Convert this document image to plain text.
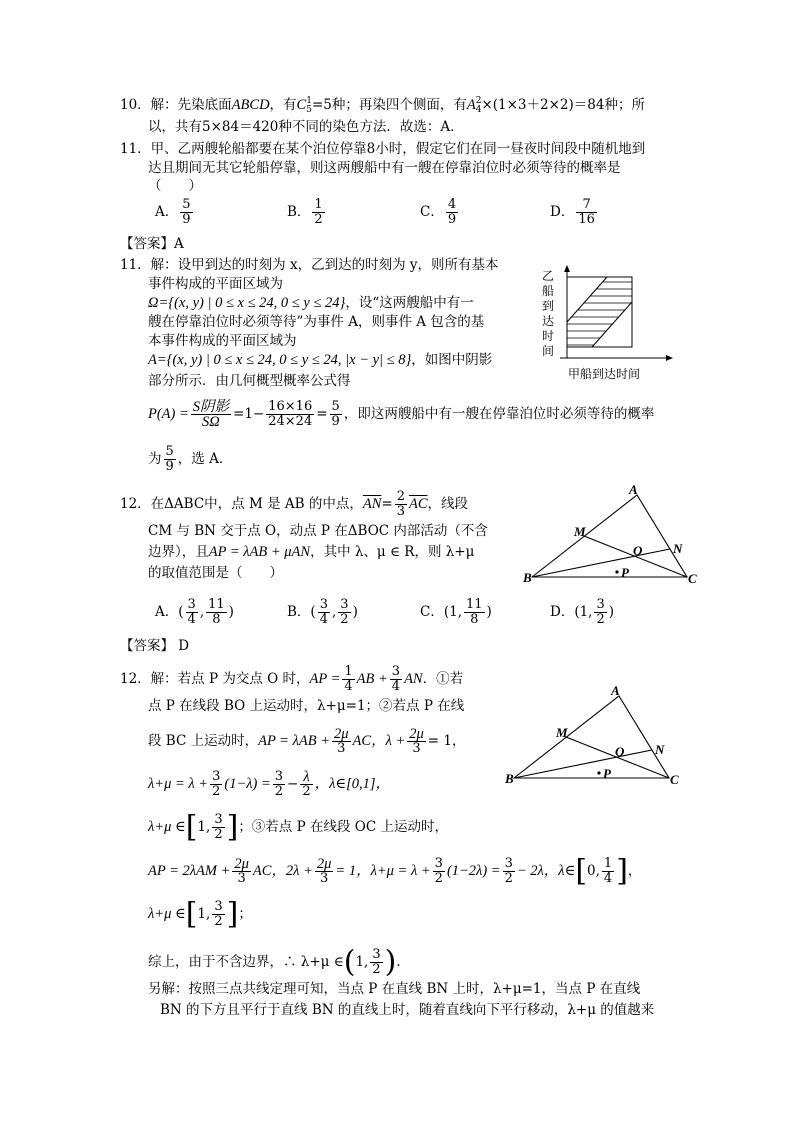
10．解：先染底面ABCD，有C 1
5 =5种；再染四个侧面，有A 2
4 ×(1×3＋2×2)＝84种；所
以，共有5×84＝420种不同的染色方法．故选：A．
11．甲、乙两艘轮船都要在某个泊位停靠8小时，假定它们在同一昼夜时间段中随机地到
达且期间无其它轮船停靠，则这两艘船中有一艘在停靠泊位时必须等待的概率是
（　　）
A． $\frac{5}{9}$	B． $\frac{1}{2}$	C． $\frac{4}{9}$	D． $\frac{7}{16}$
【答案】A
11．解：设甲到达的时刻为 x，乙到达的时刻为 y，则所有基本
事件构成的平面区域为
Ω={(x, y) | 0 ≤ x ≤ 24, 0 ≤ y ≤ 24}，设“这两艘船中有一
艘在停靠泊位时必须等待”为事件 A，则事件 A 包含的基
本事件构成的平面区域为
A={(x, y) | 0 ≤ x ≤ 24, 0 ≤ y ≤ 24, |x − y| ≤ 8}，如图中阴影
部分所示．由几何概型概率公式得
$P(A) = \frac{\text{S阴影}}{S\Omega} =1- \frac{16\times 16}{24\times 24} = \frac{5}{9}$ ，即这两艘船中有一艘在停靠泊位时必须等待的概率
为 $\frac{5}{9}$ ，选 A．
乙
船
到
达
时
间
甲船到达时间
12．在ΔABC中，点 M 是 AB 的中点，$\overline{AN}= \frac{2}{3} \overline{AC}$，线段
CM 与 BN 交于点 O，动点 P 在ΔBOC 内部活动（不含
边界），且AP = λAB + μAN，其中 λ、μ ∈ R，则 λ+μ
的取值范围是（　　）
A．( $\frac{3}{4}$ , $\frac{11}{8}$ )	B．( $\frac{3}{4}$ , $\frac{3}{2}$ )	C．(1, $\frac{11}{8}$ )	D．(1, $\frac{3}{2}$ )
【答案】 D
A
M
O N
P
B	C
12．解：若点 P 为交点 O 时，AP = $\frac{1}{4}$ AB + $\frac{3}{4}$ AN．①若
点 P 在线段 BO 上运动时，λ+μ=1；②若点 P 在线
段 BC 上运动时，AP = $\lambda AB + \frac{2\mu}{3}$ AC，$\lambda + \frac{2\mu}{3} = 1$，
$\lambda+\mu = \lambda + \frac{3}{2} (1-\lambda) = \frac{3}{2} - \frac{\lambda}{2}$ ，λ∈[0,1]，
λ+μ ∈[1, $\frac{3}{2}$ ]；③若点 P 在线段 OC 上运动时，
AP = $2\lambda AM + \frac{2\mu}{3}$ AC，$2\lambda + \frac{2\mu}{3} = 1$，$\lambda+\mu = \lambda + \frac{3}{2} (1-2\lambda) = \frac{3}{2} - 2\lambda$，λ∈[0, $\frac{1}{4}$ ]，
λ+μ ∈[1, $\frac{3}{2}$ ]；
综上，由于不含边界，∴ λ+μ ∈(1, $\frac{3}{2}$ )．
另解：按照三点共线定理可知，当点 P 在直线 BN 上时，λ+μ=1，当点 P 在直线
BN 的下方且平行于直线 BN 的直线上时，随着直线向下平行移动，λ+μ 的值越来
A
M
O N
P
B	C
